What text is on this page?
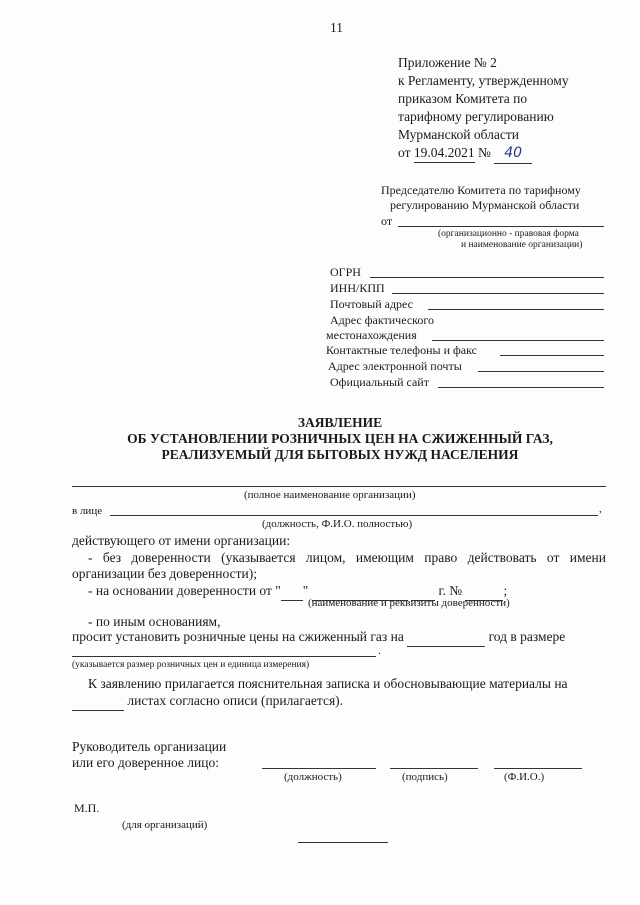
11
Приложение № 2
к Регламенту, утвержденному
приказом Комитета по
тарифному регулированию
Мурманской области
от 19.04.2021 № 40
Председателю Комитета по тарифному
регулированию Мурманской области
от
(организационно - правовая форма
и наименование организации)
ОГРН
ИНН/КПП
Почтовый адрес
Адрес фактического
местонахождения
Контактные телефоны и факс
Адрес электронной почты
Официальный сайт
ЗАЯВЛЕНИЕ
ОБ УСТАНОВЛЕНИИ РОЗНИЧНЫХ ЦЕН НА СЖИЖЕННЫЙ ГАЗ,
РЕАЛИЗУЕМЫЙ ДЛЯ БЫТОВЫХ НУЖД НАСЕЛЕНИЯ
(полное наименование организации)
в лице	,
(должность, Ф.И.О. полностью)
действующего от имени организации:
- без доверенности (указывается лицом, имеющим право действовать от имени
организации без доверенности);
- на основании доверенности от " "	г. №	;
(наименование и реквизиты доверенности)
- по иным основаниям,
просит установить розничные цены на сжиженный газ на	год в размере
.
(указывается размер розничных цен и единица измерения)
К заявлению прилагается пояснительная записка и обосновывающие материалы на
листах согласно описи (прилагается).
Руководитель организации
или его доверенное лицо:
(должность)	(подпись)	(Ф.И.О.)
М.П.
(для организаций)
